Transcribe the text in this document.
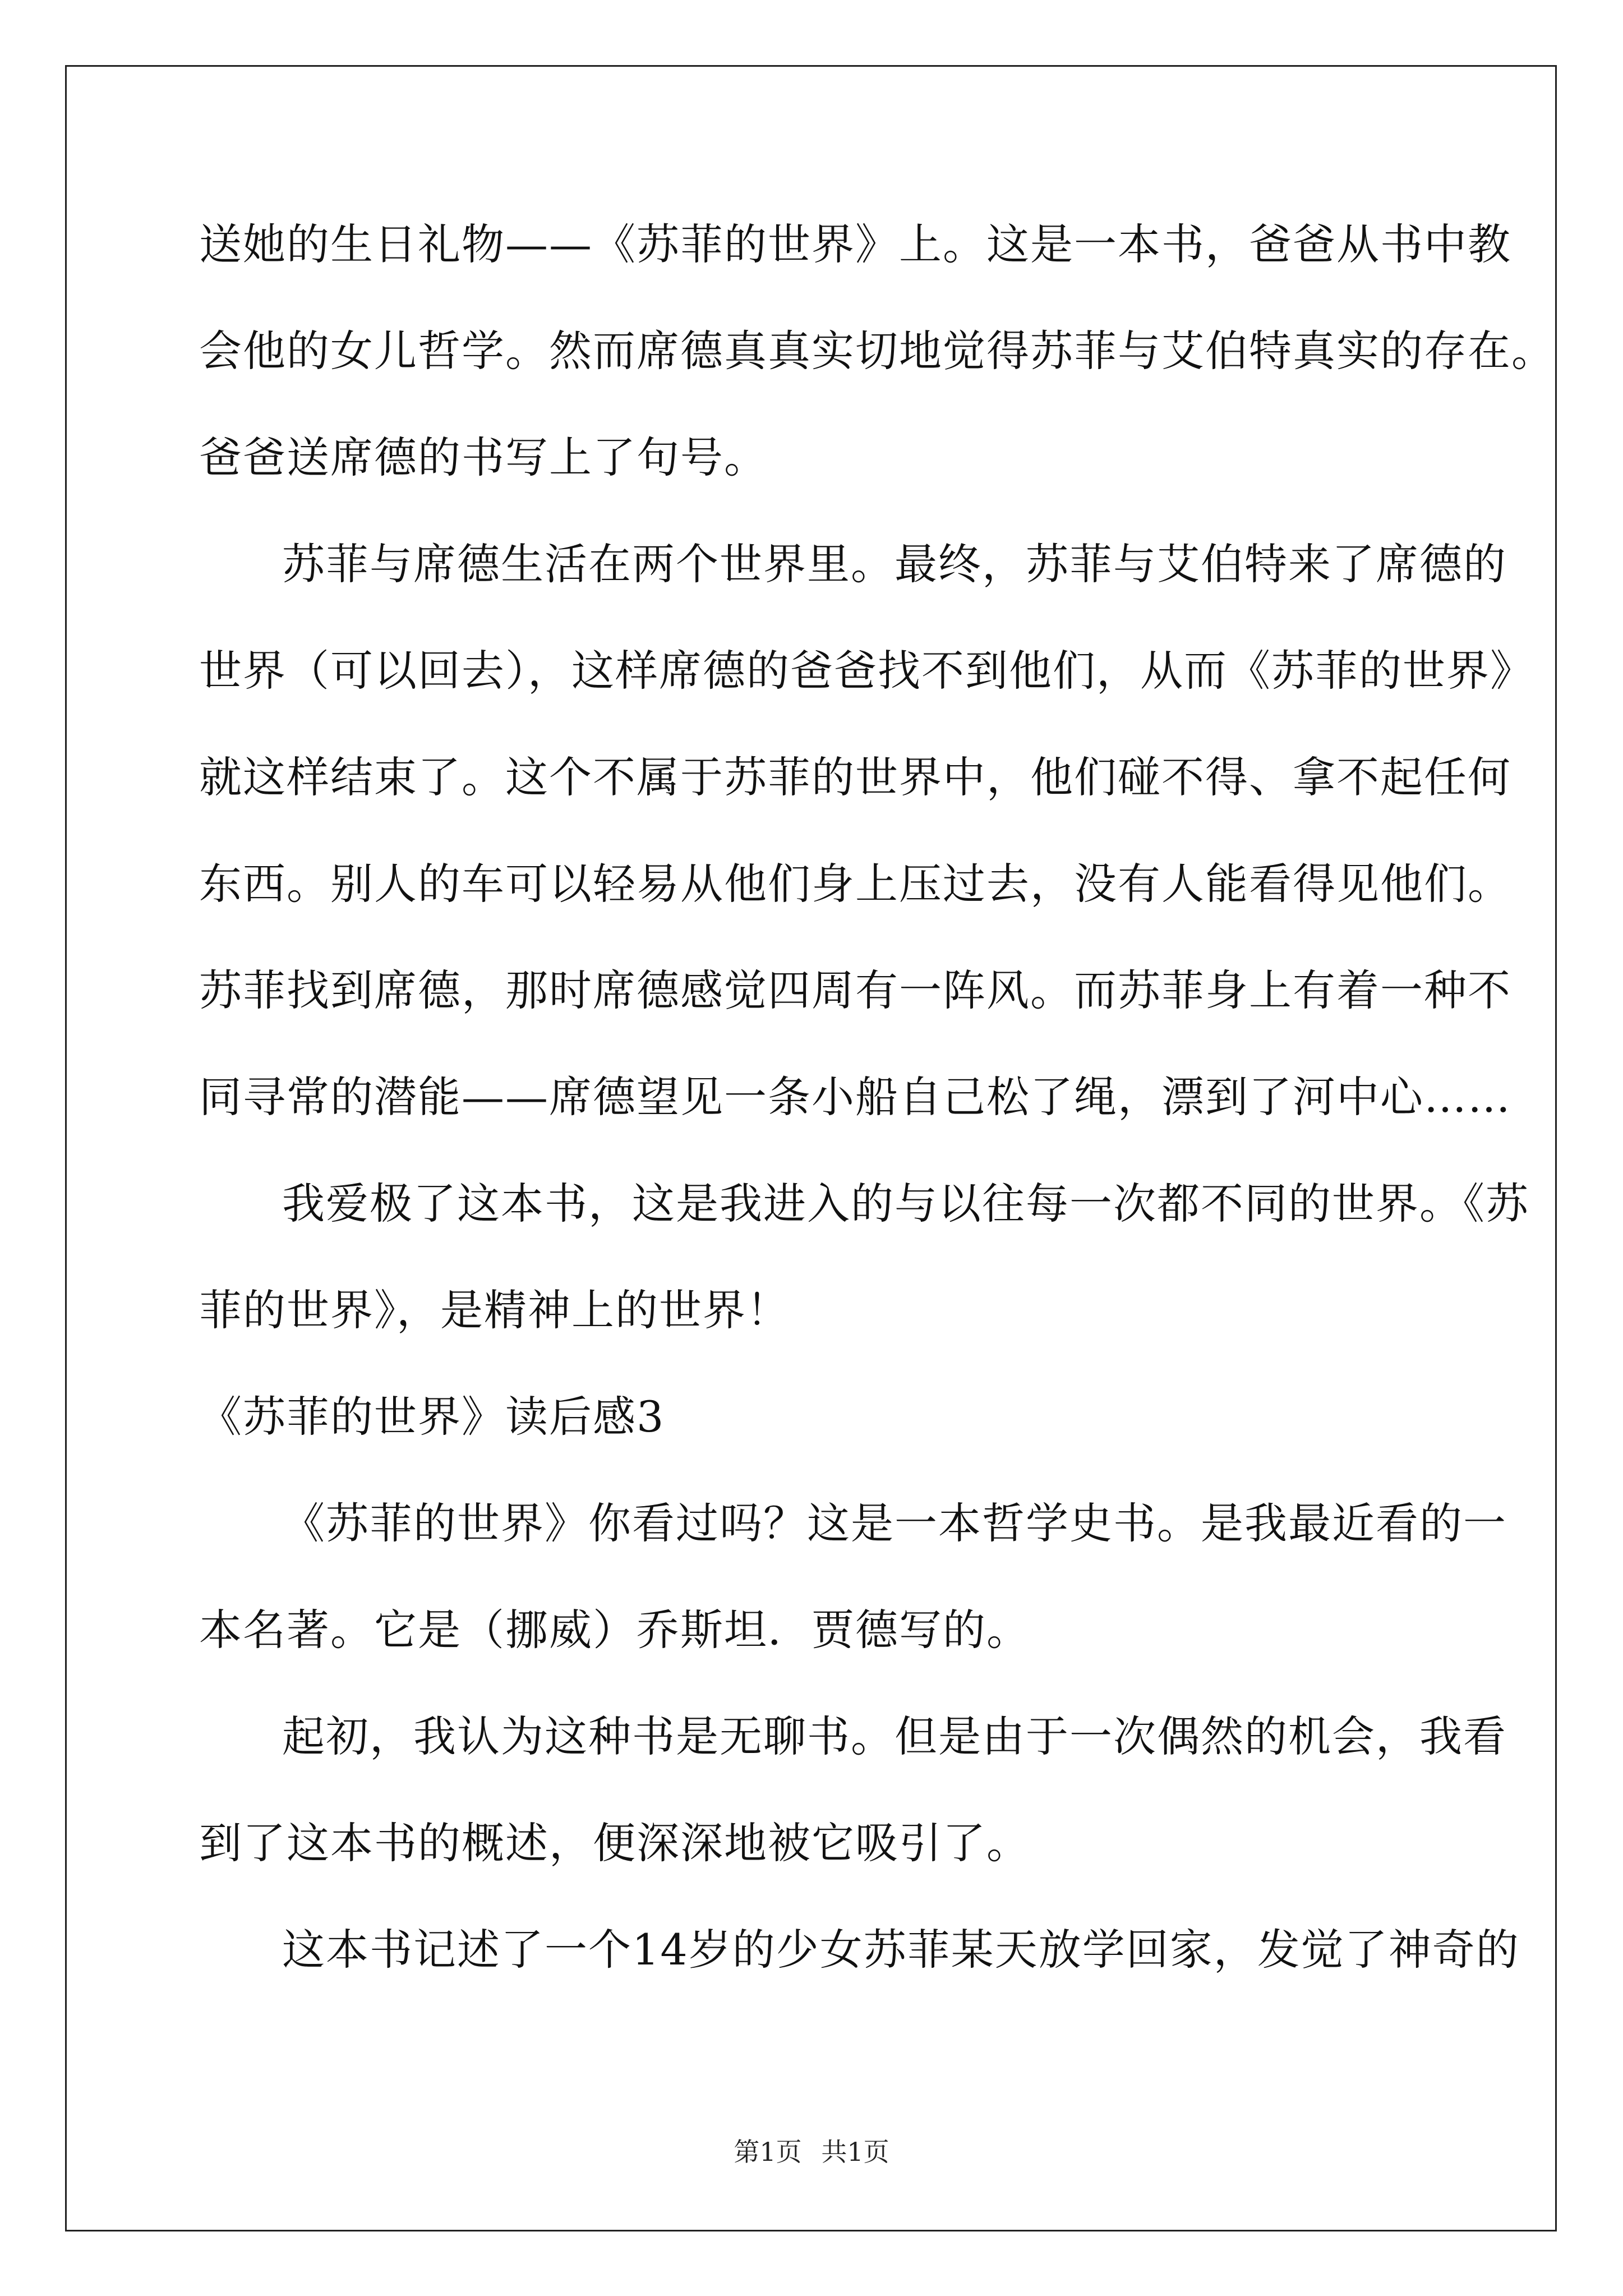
送她的生日礼物——《苏菲的世界》上。这是一本书，爸爸从书中教
会他的女儿哲学。然而席德真真实切地觉得苏菲与艾伯特真实的存在。
爸爸送席德的书写上了句号。
苏菲与席德生活在两个世界里。最终，苏菲与艾伯特来了席德的
世界（可以回去），这样席德的爸爸找不到他们，从而《苏菲的世界》
就这样结束了。这个不属于苏菲的世界中，他们碰不得、拿不起任何
东西。别人的车可以轻易从他们身上压过去，没有人能看得见他们。
苏菲找到席德，那时席德感觉四周有一阵风。而苏菲身上有着一种不
同寻常的潜能——席德望见一条小船自己松了绳，漂到了河中心……
我爱极了这本书，这是我进入的与以往每一次都不同的世界。《苏
菲的世界》，是精神上的世界！
《苏菲的世界》读后感3
《苏菲的世界》你看过吗？这是一本哲学史书。是我最近看的一
本名著。它是（挪威）乔斯坦．贾德写的。
起初，我认为这种书是无聊书。但是由于一次偶然的机会，我看
到了这本书的概述，便深深地被它吸引了。
这本书记述了一个14岁的少女苏菲某天放学回家，发觉了神奇的
第1页 共1页
